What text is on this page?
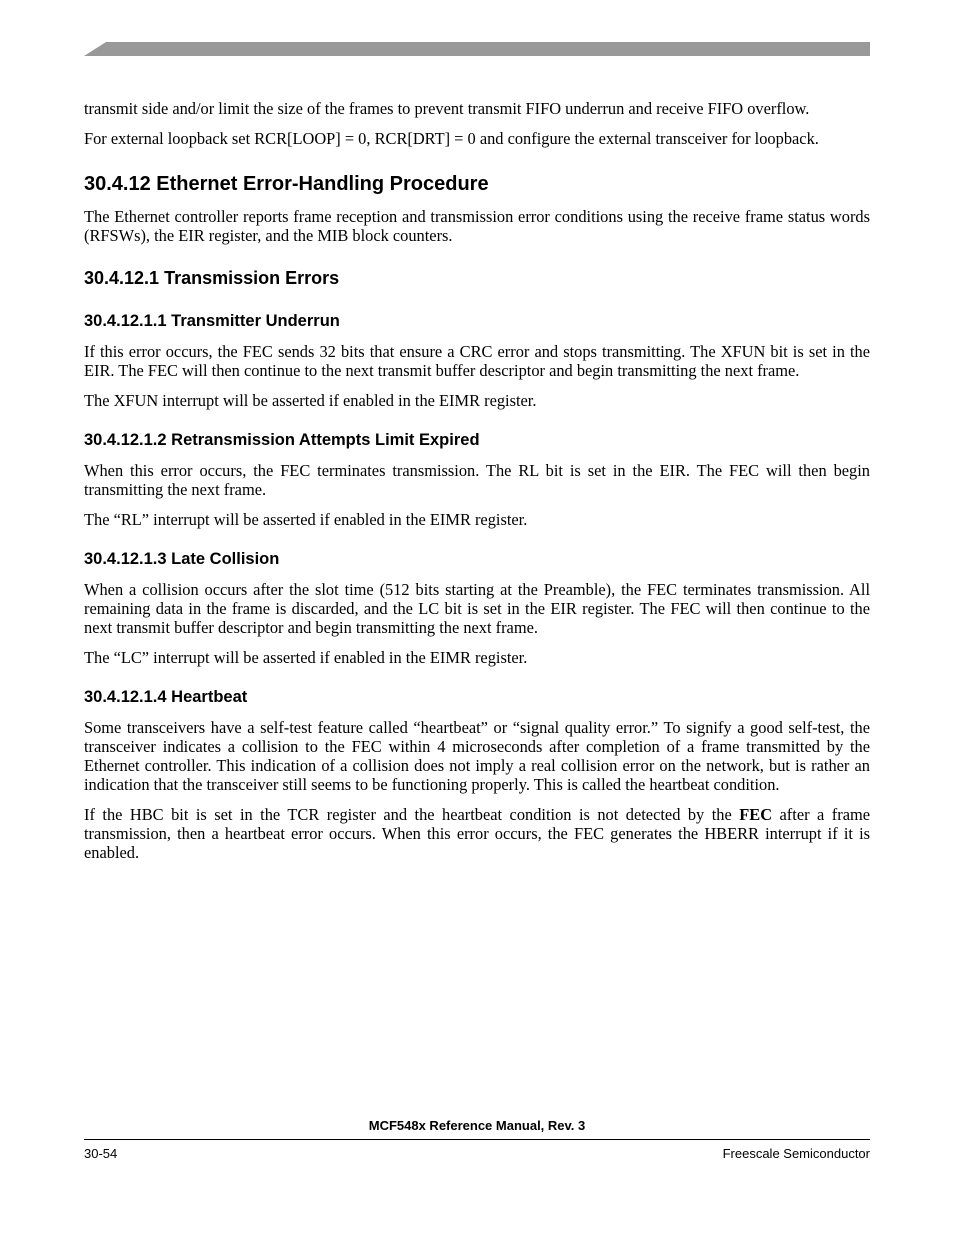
transmit side and/or limit the size of the frames to prevent transmit FIFO underrun and receive FIFO overflow.

For external loopback set RCR[LOOP] = 0, RCR[DRT] = 0 and configure the external transceiver for loopback.

30.4.12 Ethernet Error-Handling Procedure

The Ethernet controller reports frame reception and transmission error conditions using the receive frame status words (RFSWs), the EIR register, and the MIB block counters.

30.4.12.1 Transmission Errors
30.4.12.1.1 Transmitter Underrun

If this error occurs, the FEC sends 32 bits that ensure a CRC error and stops transmitting. The XFUN bit is set in the EIR. The FEC will then continue to the next transmit buffer descriptor and begin transmitting the next frame.

The XFUN interrupt will be asserted if enabled in the EIMR register.

30.4.12.1.2 Retransmission Attempts Limit Expired

When this error occurs, the FEC terminates transmission. The RL bit is set in the EIR. The FEC will then begin transmitting the next frame.

The “RL” interrupt will be asserted if enabled in the EIMR register.

30.4.12.1.3 Late Collision

When a collision occurs after the slot time (512 bits starting at the Preamble), the FEC terminates transmission. All remaining data in the frame is discarded, and the LC bit is set in the EIR register. The FEC will then continue to the next transmit buffer descriptor and begin transmitting the next frame.

The “LC” interrupt will be asserted if enabled in the EIMR register.

30.4.12.1.4 Heartbeat

Some transceivers have a self-test feature called “heartbeat” or “signal quality error.” To signify a good self-test, the transceiver indicates a collision to the FEC within 4 microseconds after completion of a frame transmitted by the Ethernet controller. This indication of a collision does not imply a real collision error on the network, but is rather an indication that the transceiver still seems to be functioning properly. This is called the heartbeat condition.

If the HBC bit is set in the TCR register and the heartbeat condition is not detected by the FEC after a frame transmission, then a heartbeat error occurs. When this error occurs, the FEC generates the HBERR interrupt if it is enabled.

MCF548x Reference Manual, Rev. 3
30-54	Freescale Semiconductor
